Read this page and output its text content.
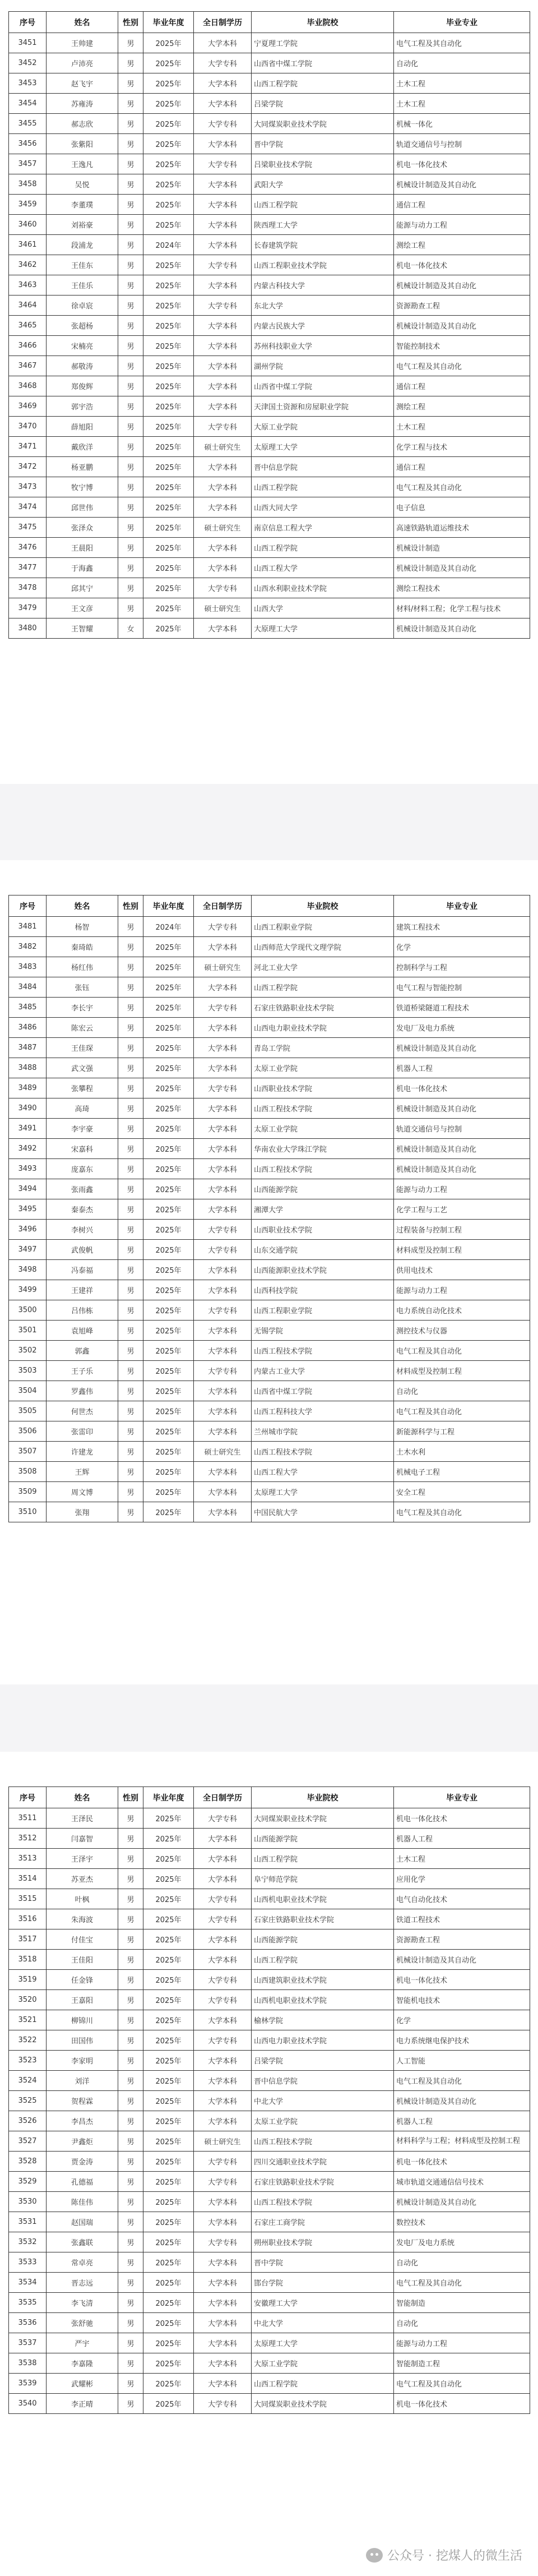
序号	姓名	性别	毕业年度	全日制学历	毕业院校	毕业专业
3451	王帅建	男	2025年	大学本科	宁夏理工学院	电气工程及其自动化
3452	卢沛亮	男	2025年	大学专科	山西省中煤工学院	自动化
3453	赵飞宇	男	2025年	大学本科	山西工程学院	土木工程
3454	苏雍涛	男	2025年	大学本科	吕梁学院	土木工程
3455	郝志欣	男	2025年	大学专科	大同煤炭职业技术学院	机械一体化
3456	张紫阳	男	2025年	大学本科	晋中学院	轨道交通信号与控制
3457	王逸凡	男	2025年	大学专科	吕梁职业技术学院	机电一体化技术
3458	吴悦	男	2025年	大学本科	武阳大学	机械设计制造及其自动化
3459	李董璞	男	2025年	大学本科	山西工程学院	通信工程
3460	刘裕豪	男	2025年	大学本科	陕西理工大学	能源与动力工程
3461	段浦龙	男	2024年	大学本科	长春建筑学院	测绘工程
3462	王佳东	男	2025年	大学专科	山西工程职业技术学院	机电一体化技术
3463	王佳乐	男	2025年	大学本科	内蒙古科技大学	机械设计制造及其自动化
3464	徐卓宸	男	2025年	大学专科	东北大学	资源勘查工程
3465	张超杨	男	2025年	大学本科	内蒙古民族大学	机械设计制造及其自动化
3466	宋楠亮	男	2025年	大学本科	苏州科技职业大学	智能控制技术
3467	郝敬涛	男	2025年	大学本科	湖州学院	电气工程及其自动化
3468	郑俊辉	男	2025年	大学本科	山西省中煤工学院	通信工程
3469	郭宇浩	男	2025年	大学本科	天津国土资源和房屋职业学院	测绘工程
3470	薛旭阳	男	2025年	大学专科	大原工业学院	土木工程
3471	戴欣洋	男	2025年	硕士研究生	太原理工大学	化学工程与技术
3472	杨亚鹏	男	2025年	大学本科	晋中信息学院	通信工程
3473	牧宁博	男	2025年	大学本科	山西工程学院	电气工程及其自动化
3474	邱世伟	男	2025年	大学本科	山西大同大学	电子信息
3475	张泽众	男	2025年	硕士研究生	南京信息工程大学	高速铁路轨道运维技术
3476	王晨阳	男	2025年	大学本科	山西工程学院	机械设计制造
3477	于海鑫	男	2025年	大学本科	山西工程大学	机械设计制造及其自动化
3478	邱其宁	男	2025年	大学专科	山西水利职业技术学院	测绘工程技术
3479	王文彦	男	2025年	硕士研究生	山西大学	材料/材料工程；化学工程与技术
3480	王智耀	女	2025年	大学本科	大原理工大学	机械设计制造及其自动化
序号	姓名	性别	毕业年度	全日制学历	毕业院校	毕业专业
3481	杨智	男	2024年	大学专科	山西工程职业学院	建筑工程技术
3482	秦琦皓	男	2025年	大学本科	山西师范大学现代文理学院	化学
3483	杨红伟	男	2025年	硕士研究生	河北工业大学	控制科学与工程
3484	张钰	男	2025年	大学本科	山西工程学院	电气工程与智能控制
3485	李长宇	男	2025年	大学专科	石家庄铁路职业技术学院	铁道桥梁隧道工程技术
3486	陈宏云	男	2025年	大学本科	山西电力职业技术学院	发电厂及电力系统
3487	王佳琛	男	2025年	大学本科	青岛工学院	机械设计制造及其自动化
3488	武文强	男	2025年	大学本科	太原工业学院	机器人工程
3489	张攀程	男	2025年	大学专科	山西职业技术学院	机电一体化技术
3490	高琦	男	2025年	大学本科	山西工程技术学院	机械设计制造及其自动化
3491	李宇豪	男	2025年	大学本科	太原工业学院	轨道交通信号与控制
3492	宋嘉科	男	2025年	大学本科	华南农业大学珠江学院	机械设计制造及其自动化
3493	庞嘉东	男	2025年	大学本科	山西工程技术学院	机械设计制造及其自动化
3494	张雨鑫	男	2025年	大学本科	山西能源学院	能源与动力工程
3495	秦泰杰	男	2025年	大学本科	湘潭大学	化学工程与工艺
3496	李树兴	男	2025年	大学专科	山西职业技术学院	过程装备与控制工程
3497	武俊帆	男	2025年	大学专科	山东交通学院	材料成型及控制工程
3498	冯泰福	男	2025年	大学本科	山西能源职业技术学院	供用电技术
3499	王建祥	男	2025年	大学本科	山西科技学院	能源与动力工程
3500	吕伟栋	男	2025年	大学专科	山西工程职业学院	电力系统自动化技术
3501	袁旭峰	男	2025年	大学本科	无锡学院	测控技术与仪器
3502	郭鑫	男	2025年	大学本科	山西工程技术学院	电气工程及其自动化
3503	王子乐	男	2025年	大学专科	内蒙古工业大学	材料成型及控制工程
3504	罗鑫伟	男	2025年	大学本科	山西省中煤工学院	自动化
3505	何世杰	男	2025年	大学本科	山西工程科技大学	电气工程及其自动化
3506	张雷印	男	2025年	大学本科	兰州城市学院	新能源科学与工程
3507	许建龙	男	2025年	硕士研究生	山西工程技术学院	土木水利
3508	王辉	男	2025年	大学本科	山西工程大学	机械电子工程
3509	周文博	男	2025年	大学本科	太原理工大学	安全工程
3510	张翔	男	2025年	大学本科	中国民航大学	电气工程及其自动化
序号	姓名	性别	毕业年度	全日制学历	毕业院校	毕业专业
3511	王泽民	男	2025年	大学专科	大同煤炭职业技术学院	机电一体化技术
3512	闫嘉智	男	2025年	大学本科	山西能源学院	机器人工程
3513	王泽宇	男	2025年	大学本科	山西工程学院	土木工程
3514	苏亚杰	男	2025年	大学本科	阜宁师范学院	应用化学
3515	叶枫	男	2025年	大学专科	山西机电职业技术学院	电气自动化技术
3516	朱海波	男	2025年	大学专科	石家庄铁路职业技术学院	铁道工程技术
3517	付佳宝	男	2025年	大学本科	山西能源学院	资源勘查工程
3518	王佳阳	男	2025年	大学本科	山西工程学院	机械设计制造及其自动化
3519	任金锋	男	2025年	大学专科	山西建筑职业技术学院	机电一体化技术
3520	王嘉阳	男	2025年	大学专科	山西机电职业技术学院	智能机电技术
3521	柳锦川	男	2025年	大学本科	榆林学院	化学
3522	田国伟	男	2025年	大学专科	山西电力职业技术学院	电力系统继电保护技术
3523	李家明	男	2025年	大学本科	吕梁学院	人工智能
3524	刘洋	男	2025年	大学本科	晋中信息学院	电气工程及其自动化
3525	贺程霖	男	2025年	大学本科	中北大学	机械设计制造及其自动化
3526	李昌杰	男	2025年	大学本科	太原工业学院	机器人工程
3527	尹鑫炬	男	2025年	硕士研究生	山西工程技术学院	材料科学与工程；材料成型及控制工程
3528	贾金涛	男	2025年	大学专科	四川交通职业技术学院	机电一体化技术
3529	孔德福	男	2025年	大学专科	石家庄铁路职业技术学院	城市轨道交通通信信号技术
3530	陈佳伟	男	2025年	大学本科	山西工程技术学院	机械设计制造及其自动化
3531	赵国瑞	男	2025年	大学本科	石家庄工商学院	数控技术
3532	张鑫联	男	2025年	大学专科	朔州职业技术学院	发电厂及电力系统
3533	常卓亮	男	2025年	大学本科	晋中学院	自动化
3534	晋志远	男	2025年	大学本科	邯台学院	电气工程及其自动化
3535	李飞清	男	2025年	大学本科	安徽理工大学	智能制造
3536	张舒驰	男	2025年	大学本科	中北大学	自动化
3537	严宇	男	2025年	大学本科	太原理工大学	能源与动力工程
3538	李嘉隆	男	2025年	大学本科	大原工业学院	智能制造工程
3539	武耀彬	男	2025年	大学本科	山西工程学院	电气工程及其自动化
3540	李正晴	男	2025年	大学专科	大同煤炭职业技术学院	机电一体化技术
公众号 · 挖煤人的微生活
